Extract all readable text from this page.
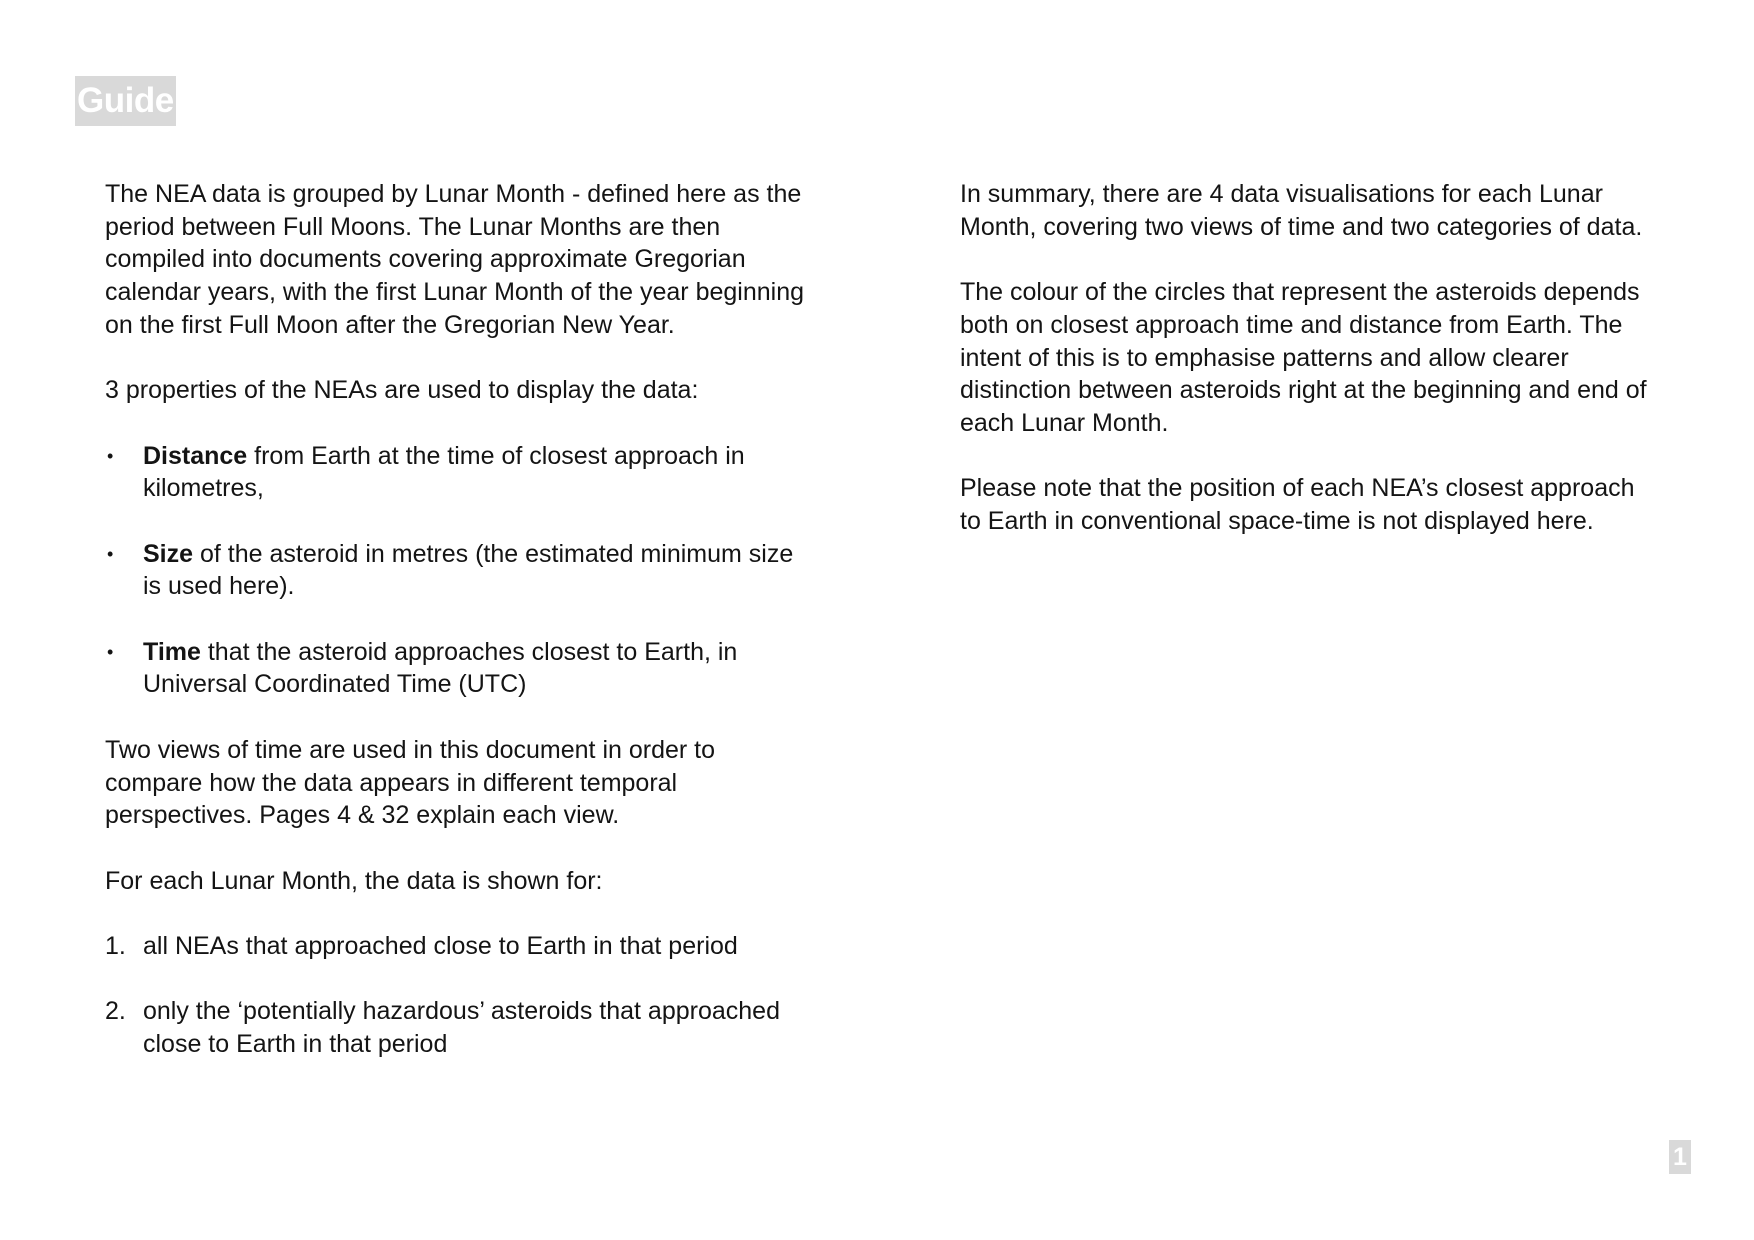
Guide

The NEA data is grouped by Lunar Month - defined here as the period between Full Moons. The Lunar Months are then compiled into documents covering approximate Gregorian calendar years, with the first Lunar Month of the year beginning on the first Full Moon after the Gregorian New Year.

3 properties of the NEAs are used to display the data:

• Distance from Earth at the time of closest approach in kilometres,
• Size of the asteroid in metres (the estimated minimum size is used here).
• Time that the asteroid approaches closest to Earth, in Universal Coordinated Time (UTC)

Two views of time are used in this document in order to compare how the data appears in different temporal perspectives. Pages 4 & 32 explain each view.

For each Lunar Month, the data is shown for:

1. all NEAs that approached close to Earth in that period
2. only the ‘potentially hazardous’ asteroids that approached close to Earth in that period

In summary, there are 4 data visualisations for each Lunar Month, covering two views of time and two categories of data.

The colour of the circles that represent the asteroids depends both on closest approach time and distance from Earth. The intent of this is to emphasise patterns and allow clearer distinction between asteroids right at the beginning and end of each Lunar Month.

Please note that the position of each NEA’s closest approach to Earth in conventional space-time is not displayed here.

1
